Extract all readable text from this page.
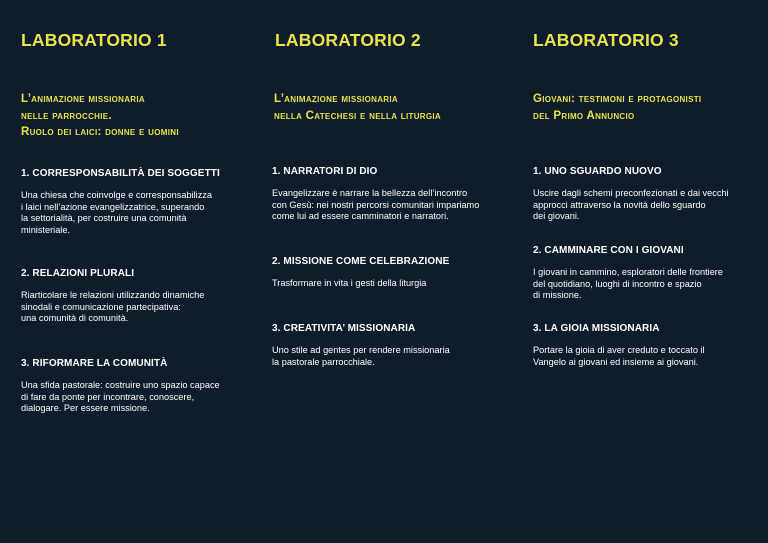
LABORATORIO 1
L’animazione missionaria
nelle parrocchie.
Ruolo dei laici: donne e uomini
1. CORRESPONSABILITÀ DEI SOGGETTI
Una chiesa che coinvolge e corresponsabilizza
i laici nell’azione evangelizzatrice, superando
la settorialità, per costruire una comunità
ministeriale.
2. RELAZIONI PLURALI
Riarticolare le relazioni utilizzando dinamiche
sinodali e comunicazione partecipativa:
una comunità di comunità.
3. RIFORMARE LA COMUNITÀ
Una sfida pastorale: costruire uno spazio capace
di fare da ponte per incontrare, conoscere,
dialogare. Per essere missione.
LABORATORIO 2
L’animazione missionaria
nella Catechesi e nella liturgia
1. NARRATORI DI DIO
Evangelizzare è narrare la bellezza dell’incontro
con Gesù: nei nostri percorsi comunitari impariamo
come lui ad essere camminatori e narratori.
2. MISSIONE COME CELEBRAZIONE
Trasformare in vita i gesti della liturgia
3. CREATIVITA’ MISSIONARIA
Uno stile ad gentes per rendere missionaria
la pastorale parrocchiale.
LABORATORIO 3
Giovani: testimoni e protagonisti
del Primo Annuncio
1. UNO SGUARDO NUOVO
Uscire dagli schemi preconfezionati e dai vecchi
approcci attraverso la novità dello sguardo
dei giovani.
2. CAMMINARE CON I GIOVANI
I giovani in cammino, esploratori delle frontiere
del quotidiano, luoghi di incontro e spazio
di missione.
3. LA GIOIA MISSIONARIA
Portare la gioia di aver creduto e toccato il
Vangelo ai giovani ed insieme ai giovani.
